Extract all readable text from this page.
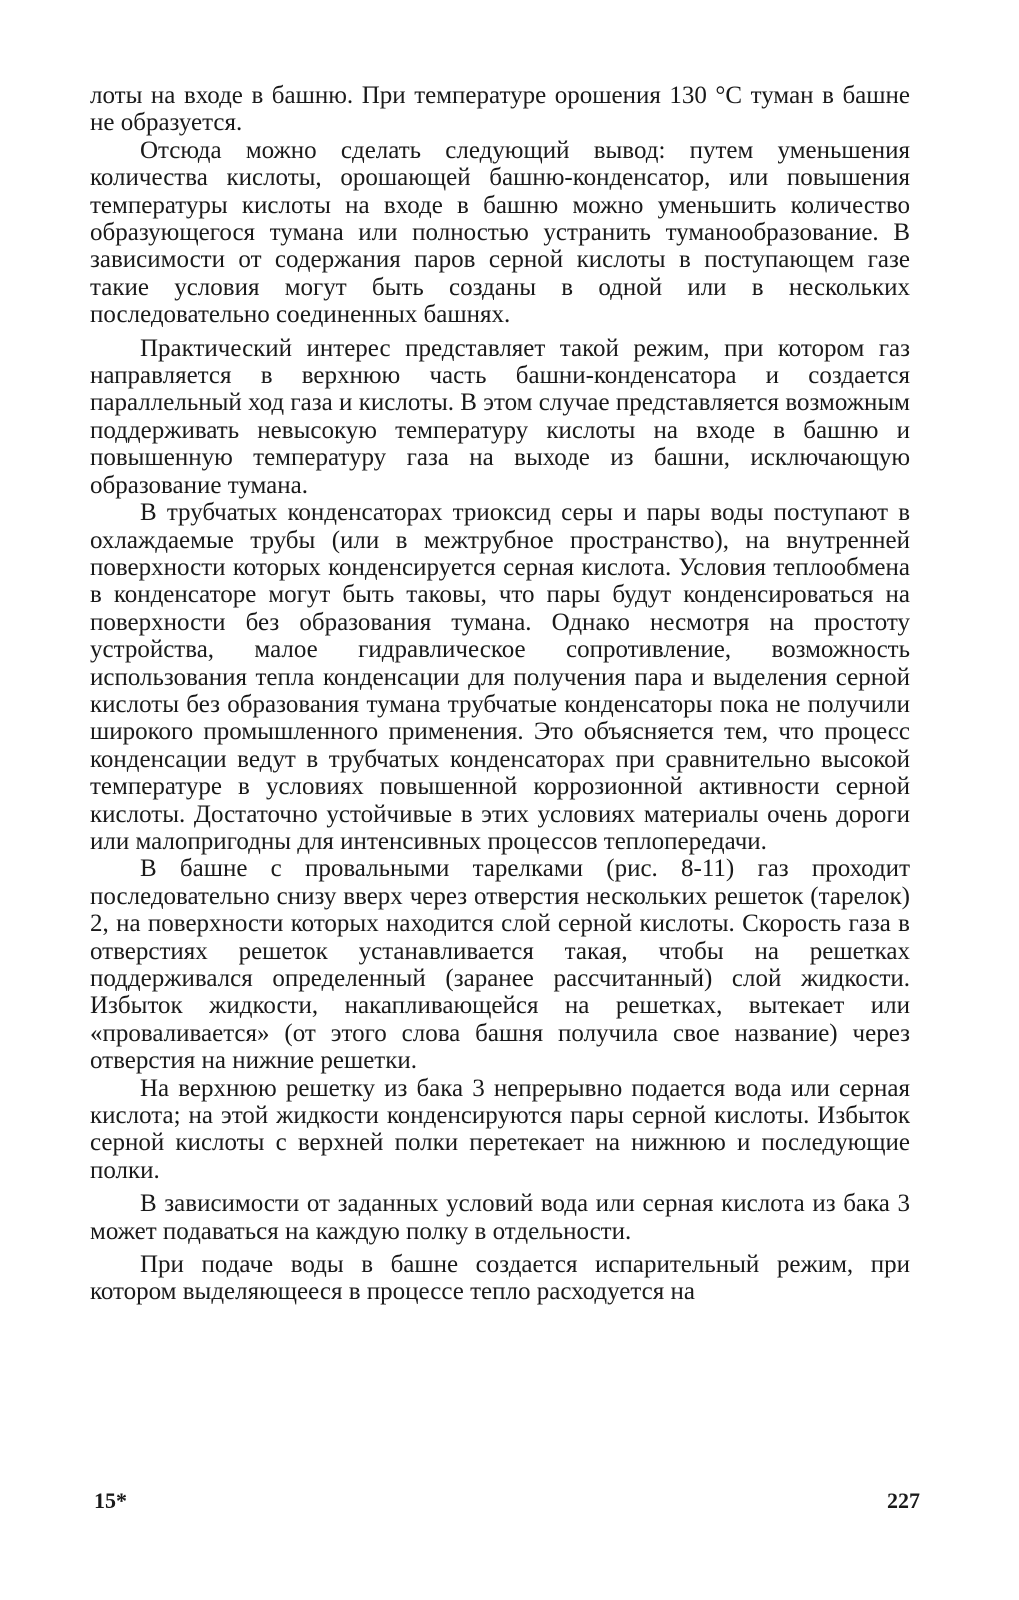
лоты на входе в башню. При температуре орошения 130 °С туман в башне не образуется.

Отсюда можно сделать следующий вывод: путем уменьшения количества кислоты, орошающей башню-конденсатор, или повышения температуры кислоты на входе в башню можно уменьшить количество образующегося тумана или полностью устранить туманообразование. В зависимости от содержания паров серной кислоты в поступающем газе такие условия могут быть созданы в одной или в нескольких последовательно соединенных башнях.

Практический интерес представляет такой режим, при котором газ направляется в верхнюю часть башни-конденсатора и создается параллельный ход газа и кислоты. В этом случае представляется возможным поддерживать невысокую температуру кислоты на входе в башню и повышенную температуру газа на выходе из башни, исключающую образование тумана.

В трубчатых конденсаторах триоксид серы и пары воды поступают в охлаждаемые трубы (или в межтрубное пространство), на внутренней поверхности которых конденсируется серная кислота. Условия теплообмена в конденсаторе могут быть таковы, что пары будут конденсироваться на поверхности без образования тумана. Однако несмотря на простоту устройства, малое гидравлическое сопротивление, возможность использования тепла конденсации для получения пара и выделения серной кислоты без образования тумана трубчатые конденсаторы пока не получили широкого промышленного применения. Это объясняется тем, что процесс конденсации ведут в трубчатых конденсаторах при сравнительно высокой температуре в условиях повышенной коррозионной активности серной кислоты. Достаточно устойчивые в этих условиях материалы очень дороги или малопригодны для интенсивных процессов теплопередачи.

В башне с провальными тарелками (рис. 8-11) газ проходит последовательно снизу вверх через отверстия нескольких решеток (тарелок) 2, на поверхности которых находится слой серной кислоты. Скорость газа в отверстиях решеток устанавливается такая, чтобы на решетках поддерживался определенный (заранее рассчитанный) слой жидкости. Избыток жидкости, накапливающейся на решетках, вытекает или «проваливается» (от этого слова башня получила свое название) через отверстия на нижние решетки.

На верхнюю решетку из бака 3 непрерывно подается вода или серная кислота; на этой жидкости конденсируются пары серной кислоты. Избыток серной кислоты с верхней полки перетекает на нижнюю и последующие полки.

В зависимости от заданных условий вода или серная кислота из бака 3 может подаваться на каждую полку в отдельности.

При подаче воды в башне создается испарительный режим, при котором выделяющееся в процессе тепло расходуется на

15*	227
